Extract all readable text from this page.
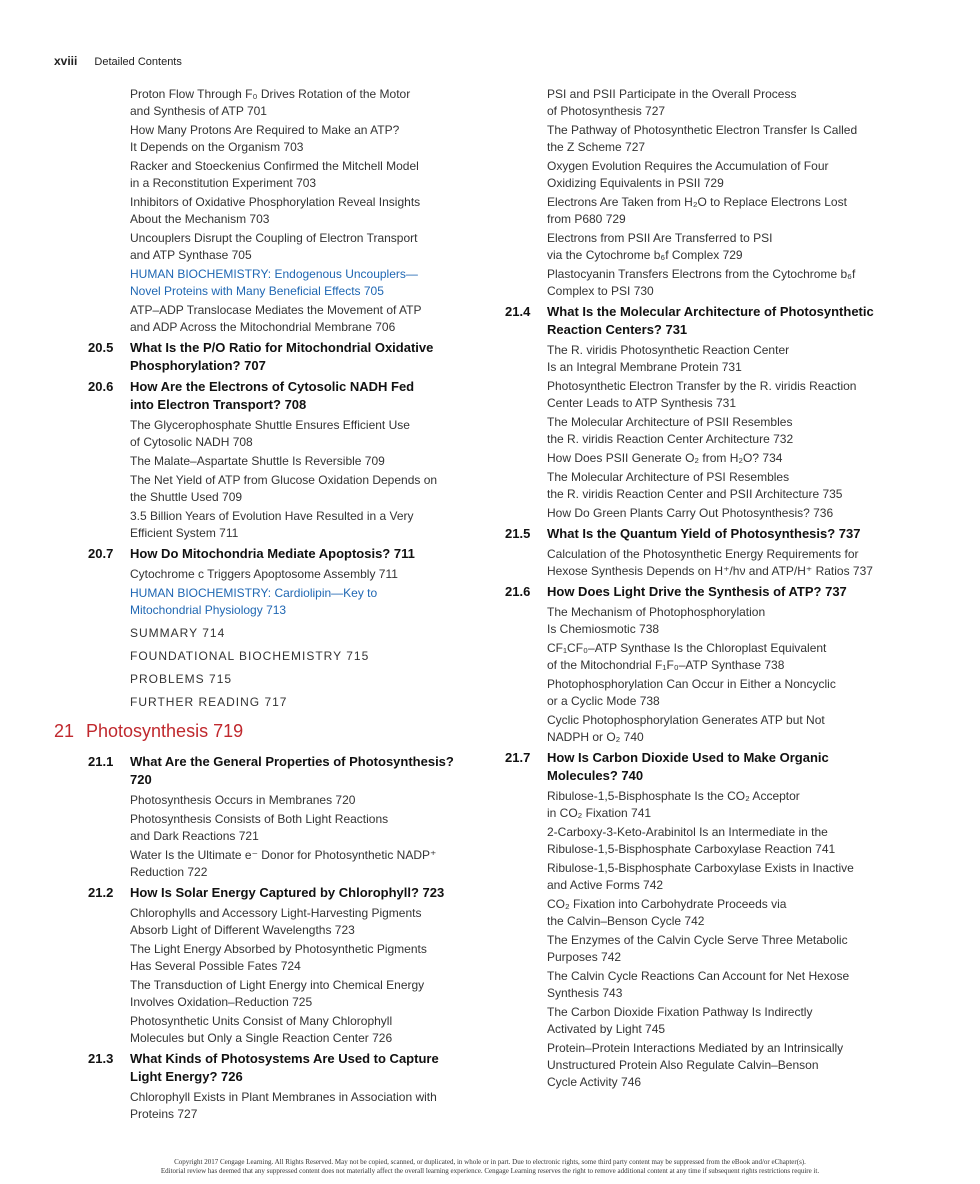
xviii Detailed Contents
Proton Flow Through F₀ Drives Rotation of the Motor
and Synthesis of ATP 701
How Many Protons Are Required to Make an ATP?
It Depends on the Organism 703
Racker and Stoeckenius Confirmed the Mitchell Model
in a Reconstitution Experiment 703
Inhibitors of Oxidative Phosphorylation Reveal Insights
About the Mechanism 703
Uncouplers Disrupt the Coupling of Electron Transport
and ATP Synthase 705
HUMAN BIOCHEMISTRY: Endogenous Uncouplers—
Novel Proteins with Many Beneficial Effects 705
ATP–ADP Translocase Mediates the Movement of ATP
and ADP Across the Mitochondrial Membrane 706
20.5 What Is the P/O Ratio for Mitochondrial Oxidative
Phosphorylation? 707
20.6 How Are the Electrons of Cytosolic NADH Fed
into Electron Transport? 708
The Glycerophosphate Shuttle Ensures Efficient Use
of Cytosolic NADH 708
The Malate–Aspartate Shuttle Is Reversible 709
The Net Yield of ATP from Glucose Oxidation Depends on
the Shuttle Used 709
3.5 Billion Years of Evolution Have Resulted in a Very
Efficient System 711
20.7 How Do Mitochondria Mediate Apoptosis? 711
Cytochrome c Triggers Apoptosome Assembly 711
HUMAN BIOCHEMISTRY: Cardiolipin—Key to
Mitochondrial Physiology 713
SUMMARY 714
FOUNDATIONAL BIOCHEMISTRY 715
PROBLEMS 715
FURTHER READING 717
21 Photosynthesis 719
21.1 What Are the General Properties of Photosynthesis? 720
Photosynthesis Occurs in Membranes 720
Photosynthesis Consists of Both Light Reactions
and Dark Reactions 721
Water Is the Ultimate e⁻ Donor for Photosynthetic NADP⁺
Reduction 722
21.2 How Is Solar Energy Captured by Chlorophyll? 723
Chlorophylls and Accessory Light-Harvesting Pigments
Absorb Light of Different Wavelengths 723
The Light Energy Absorbed by Photosynthetic Pigments
Has Several Possible Fates 724
The Transduction of Light Energy into Chemical Energy
Involves Oxidation–Reduction 725
Photosynthetic Units Consist of Many Chlorophyll
Molecules but Only a Single Reaction Center 726
21.3 What Kinds of Photosystems Are Used to Capture
Light Energy? 726
Chlorophyll Exists in Plant Membranes in Association with
Proteins 727
PSI and PSII Participate in the Overall Process
of Photosynthesis 727
The Pathway of Photosynthetic Electron Transfer Is Called
the Z Scheme 727
Oxygen Evolution Requires the Accumulation of Four
Oxidizing Equivalents in PSII 729
Electrons Are Taken from H₂O to Replace Electrons Lost
from P680 729
Electrons from PSII Are Transferred to PSI
via the Cytochrome b₆f Complex 729
Plastocyanin Transfers Electrons from the Cytochrome b₆f
Complex to PSI 730
21.4 What Is the Molecular Architecture of Photosynthetic
Reaction Centers? 731
The R. viridis Photosynthetic Reaction Center
Is an Integral Membrane Protein 731
Photosynthetic Electron Transfer by the R. viridis Reaction
Center Leads to ATP Synthesis 731
The Molecular Architecture of PSII Resembles
the R. viridis Reaction Center Architecture 732
How Does PSII Generate O₂ from H₂O? 734
The Molecular Architecture of PSI Resembles
the R. viridis Reaction Center and PSII Architecture 735
How Do Green Plants Carry Out Photosynthesis? 736
21.5 What Is the Quantum Yield of Photosynthesis? 737
Calculation of the Photosynthetic Energy Requirements for
Hexose Synthesis Depends on H⁺/hν and ATP/H⁺ Ratios 737
21.6 How Does Light Drive the Synthesis of ATP? 737
The Mechanism of Photophosphorylation
Is Chemiosmotic 738
CF₁CF₀–ATP Synthase Is the Chloroplast Equivalent
of the Mitochondrial F₁F₀–ATP Synthase 738
Photophosphorylation Can Occur in Either a Noncyclic
or a Cyclic Mode 738
Cyclic Photophosphorylation Generates ATP but Not
NADPH or O₂ 740
21.7 How Is Carbon Dioxide Used to Make Organic
Molecules? 740
Ribulose-1,5-Bisphosphate Is the CO₂ Acceptor
in CO₂ Fixation 741
2-Carboxy-3-Keto-Arabinitol Is an Intermediate in the
Ribulose-1,5-Bisphosphate Carboxylase Reaction 741
Ribulose-1,5-Bisphosphate Carboxylase Exists in Inactive
and Active Forms 742
CO₂ Fixation into Carbohydrate Proceeds via
the Calvin–Benson Cycle 742
The Enzymes of the Calvin Cycle Serve Three Metabolic
Purposes 742
The Calvin Cycle Reactions Can Account for Net Hexose
Synthesis 743
The Carbon Dioxide Fixation Pathway Is Indirectly
Activated by Light 745
Protein–Protein Interactions Mediated by an Intrinsically
Unstructured Protein Also Regulate Calvin–Benson
Cycle Activity 746
Copyright 2017 Cengage Learning. All Rights Reserved. May not be copied, scanned, or duplicated, in whole or in part. Due to electronic rights, some third party content may be suppressed from the eBook and/or eChapter(s).
Editorial review has deemed that any suppressed content does not materially affect the overall learning experience. Cengage Learning reserves the right to remove additional content at any time if subsequent rights restrictions require it.
